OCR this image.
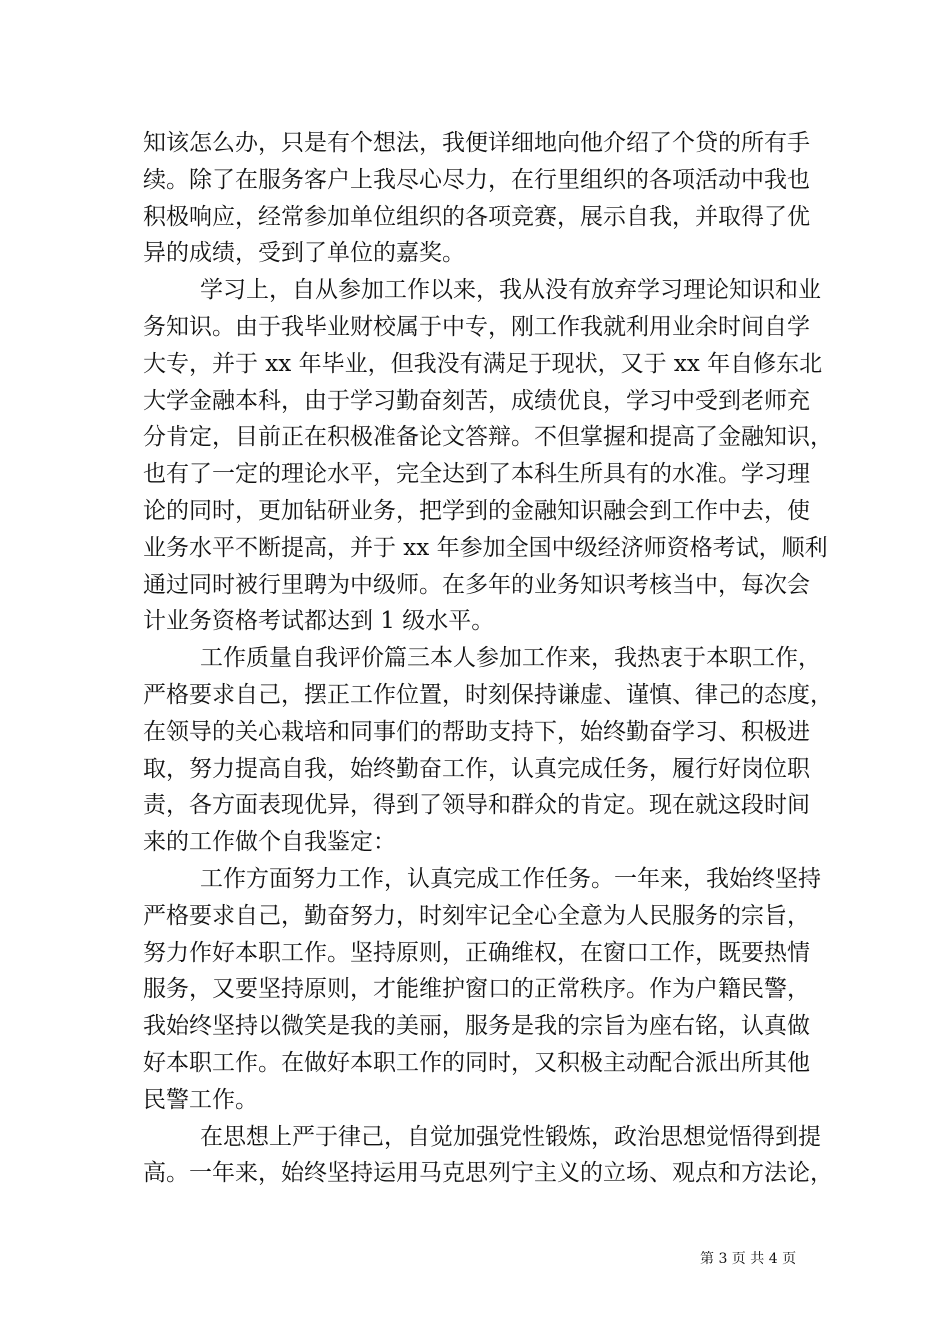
知该怎么办，只是有个想法，我便详细地向他介绍了个贷的所有手
续。除了在服务客户上我尽心尽力，在行里组织的各项活动中我也
积极响应，经常参加单位组织的各项竞赛，展示自我，并取得了优
异的成绩，受到了单位的嘉奖。
学习上，自从参加工作以来，我从没有放弃学习理论知识和业
务知识。由于我毕业财校属于中专，刚工作我就利用业余时间自学
大专，并于 xx 年毕业，但我没有满足于现状，又于 xx 年自修东北
大学金融本科，由于学习勤奋刻苦，成绩优良，学习中受到老师充
分肯定，目前正在积极准备论文答辩。不但掌握和提高了金融知识，
也有了一定的理论水平，完全达到了本科生所具有的水准。学习理
论的同时，更加钻研业务，把学到的金融知识融会到工作中去，使
业务水平不断提高，并于 xx 年参加全国中级经济师资格考试，顺利
通过同时被行里聘为中级师。在多年的业务知识考核当中，每次会
计业务资格考试都达到 1 级水平。
工作质量自我评价篇三本人参加工作来，我热衷于本职工作，
严格要求自己，摆正工作位置，时刻保持谦虚、谨慎、律己的态度，
在领导的关心栽培和同事们的帮助支持下，始终勤奋学习、积极进
取，努力提高自我，始终勤奋工作，认真完成任务，履行好岗位职
责，各方面表现优异，得到了领导和群众的肯定。现在就这段时间
来的工作做个自我鉴定：
工作方面努力工作，认真完成工作任务。一年来，我始终坚持
严格要求自己，勤奋努力，时刻牢记全心全意为人民服务的宗旨，
努力作好本职工作。坚持原则，正确维权，在窗口工作，既要热情
服务，又要坚持原则，才能维护窗口的正常秩序。作为户籍民警，
我始终坚持以微笑是我的美丽，服务是我的宗旨为座右铭，认真做
好本职工作。在做好本职工作的同时，又积极主动配合派出所其他
民警工作。
在思想上严于律己，自觉加强党性锻炼，政治思想觉悟得到提
高。一年来，始终坚持运用马克思列宁主义的立场、观点和方法论，
第 3 页 共 4 页
